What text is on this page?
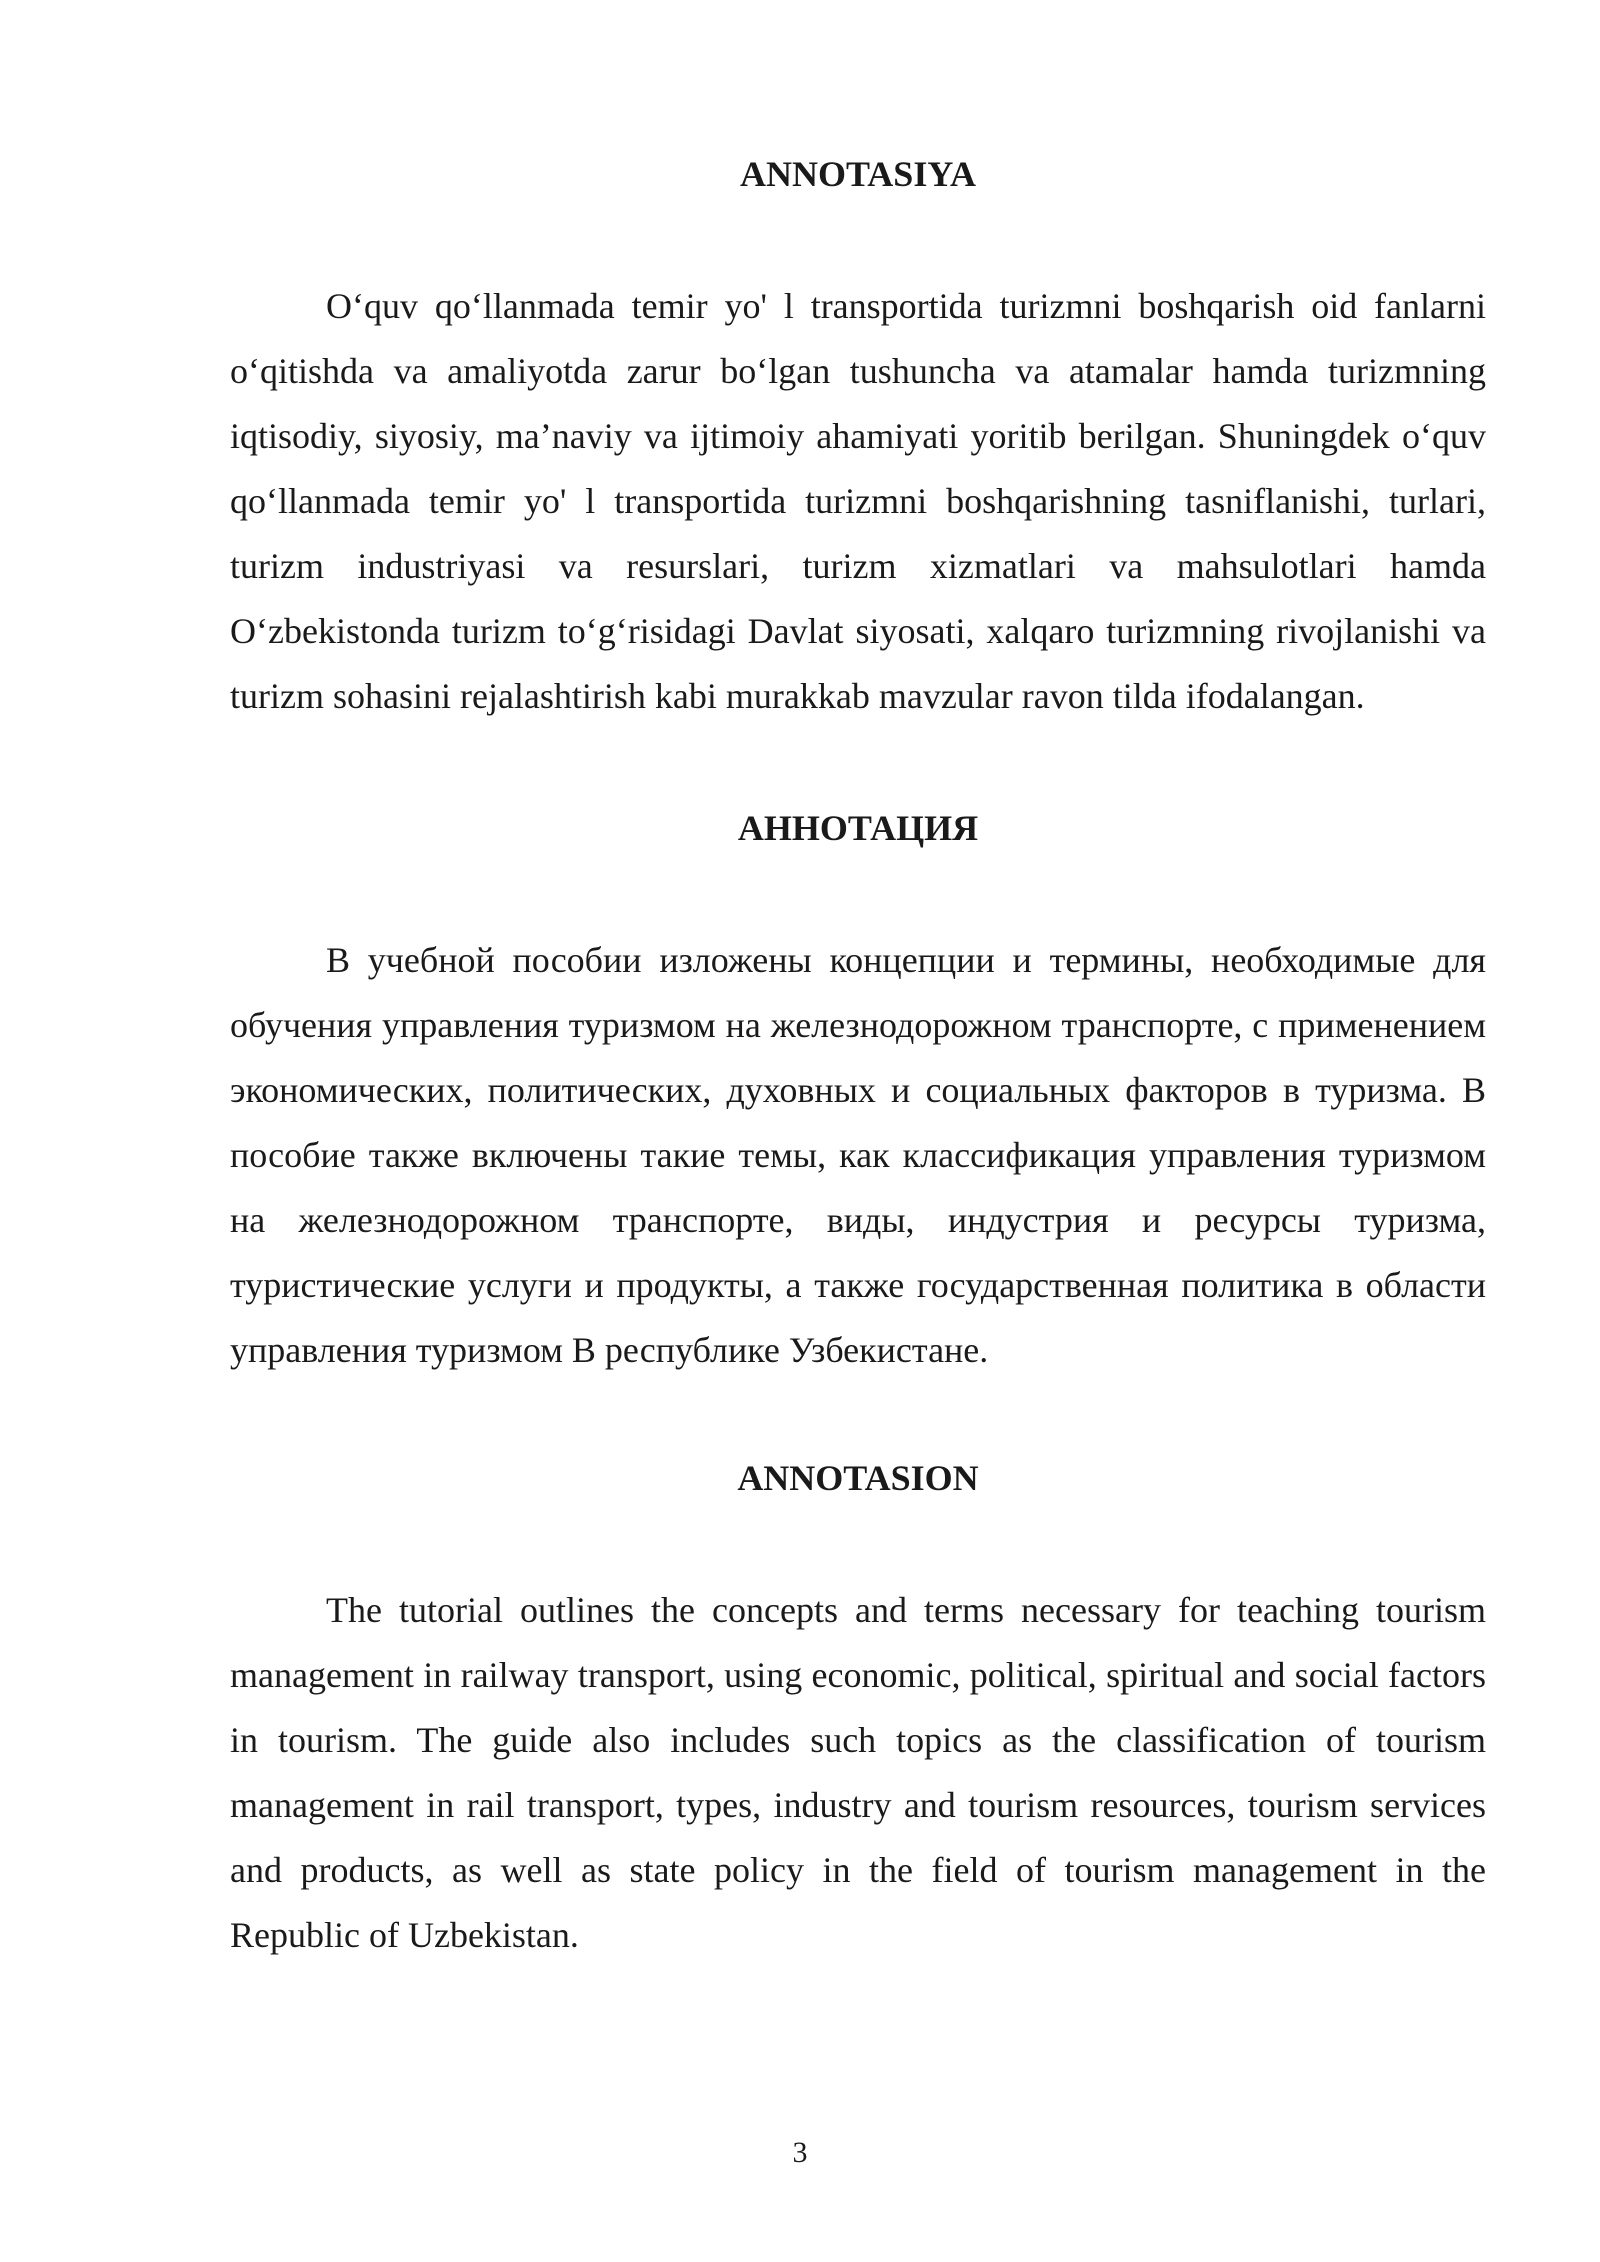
ANNOTASIYA

O‘quv qo‘llanmada temir yo' l transportida turizmni boshqarish oid fanlarni o‘qitishda va amaliyotda zarur bo‘lgan tushuncha va atamalar hamda turizmning iqtisodiy, siyosiy, ma’naviy va ijtimoiy ahamiyati yoritib berilgan. Shuningdek o‘quv qo‘llanmada temir yo' l transportida turizmni boshqarishning tasniflanishi, turlari, turizm industriyasi va resurslari, turizm xizmatlari va mahsulotlari hamda O‘zbekistonda turizm to‘g‘risidagi Davlat siyosati, xalqaro turizmning rivojlanishi va turizm sohasini rejalashtirish kabi murakkab mavzular ravon tilda ifodalangan.

АННОТАЦИЯ

В учебной пособии изложены концепции и термины, необходимые для обучения управления туризмом на железнодорожном транспорте, с применением экономических, политических, духовных и социальных факторов в туризма. В пособие также включены такие темы, как классификация управления туризмом на железнодорожном транспорте, виды, индустрия и ресурсы туризма, туристические услуги и продукты, а также государственная политика в области управления туризмом В республике Узбекистане.

ANNOTASION

The tutorial outlines the concepts and terms necessary for teaching tourism management in railway transport, using economic, political, spiritual and social factors in tourism. The guide also includes such topics as the classification of tourism management in rail transport, types, industry and tourism resources, tourism services and products, as well as state policy in the field of tourism management in the Republic of Uzbekistan.

3
